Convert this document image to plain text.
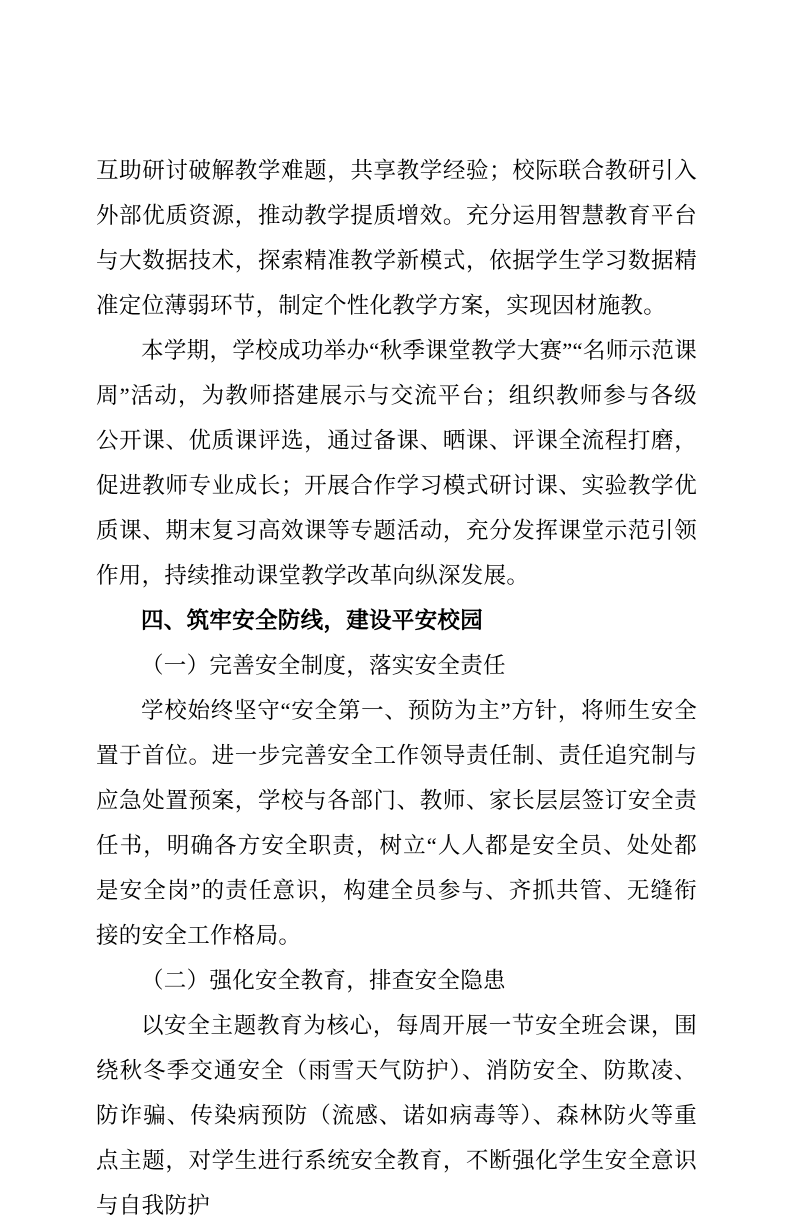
互助研讨破解教学难题，共享教学经验；校际联合教研引入外部优质资源，推动教学提质增效。充分运用智慧教育平台与大数据技术，探索精准教学新模式，依据学生学习数据精准定位薄弱环节，制定个性化教学方案，实现因材施教。

本学期，学校成功举办“秋季课堂教学大赛”“名师示范课周”活动，为教师搭建展示与交流平台；组织教师参与各级公开课、优质课评选，通过备课、晒课、评课全流程打磨，促进教师专业成长；开展合作学习模式研讨课、实验教学优质课、期末复习高效课等专题活动，充分发挥课堂示范引领作用，持续推动课堂教学改革向纵深发展。

四、筑牢安全防线，建设平安校园

（一）完善安全制度，落实安全责任

学校始终坚守“安全第一、预防为主”方针，将师生安全置于首位。进一步完善安全工作领导责任制、责任追究制与应急处置预案，学校与各部门、教师、家长层层签订安全责任书，明确各方安全职责，树立“人人都是安全员、处处都是安全岗”的责任意识，构建全员参与、齐抓共管、无缝衔接的安全工作格局。

（二）强化安全教育，排查安全隐患

以安全主题教育为核心，每周开展一节安全班会课，围绕秋冬季交通安全（雨雪天气防护）、消防安全、防欺凌、防诈骗、传染病预防（流感、诺如病毒等）、森林防火等重点主题，对学生进行系统安全教育，不断强化学生安全意识与自我防护
